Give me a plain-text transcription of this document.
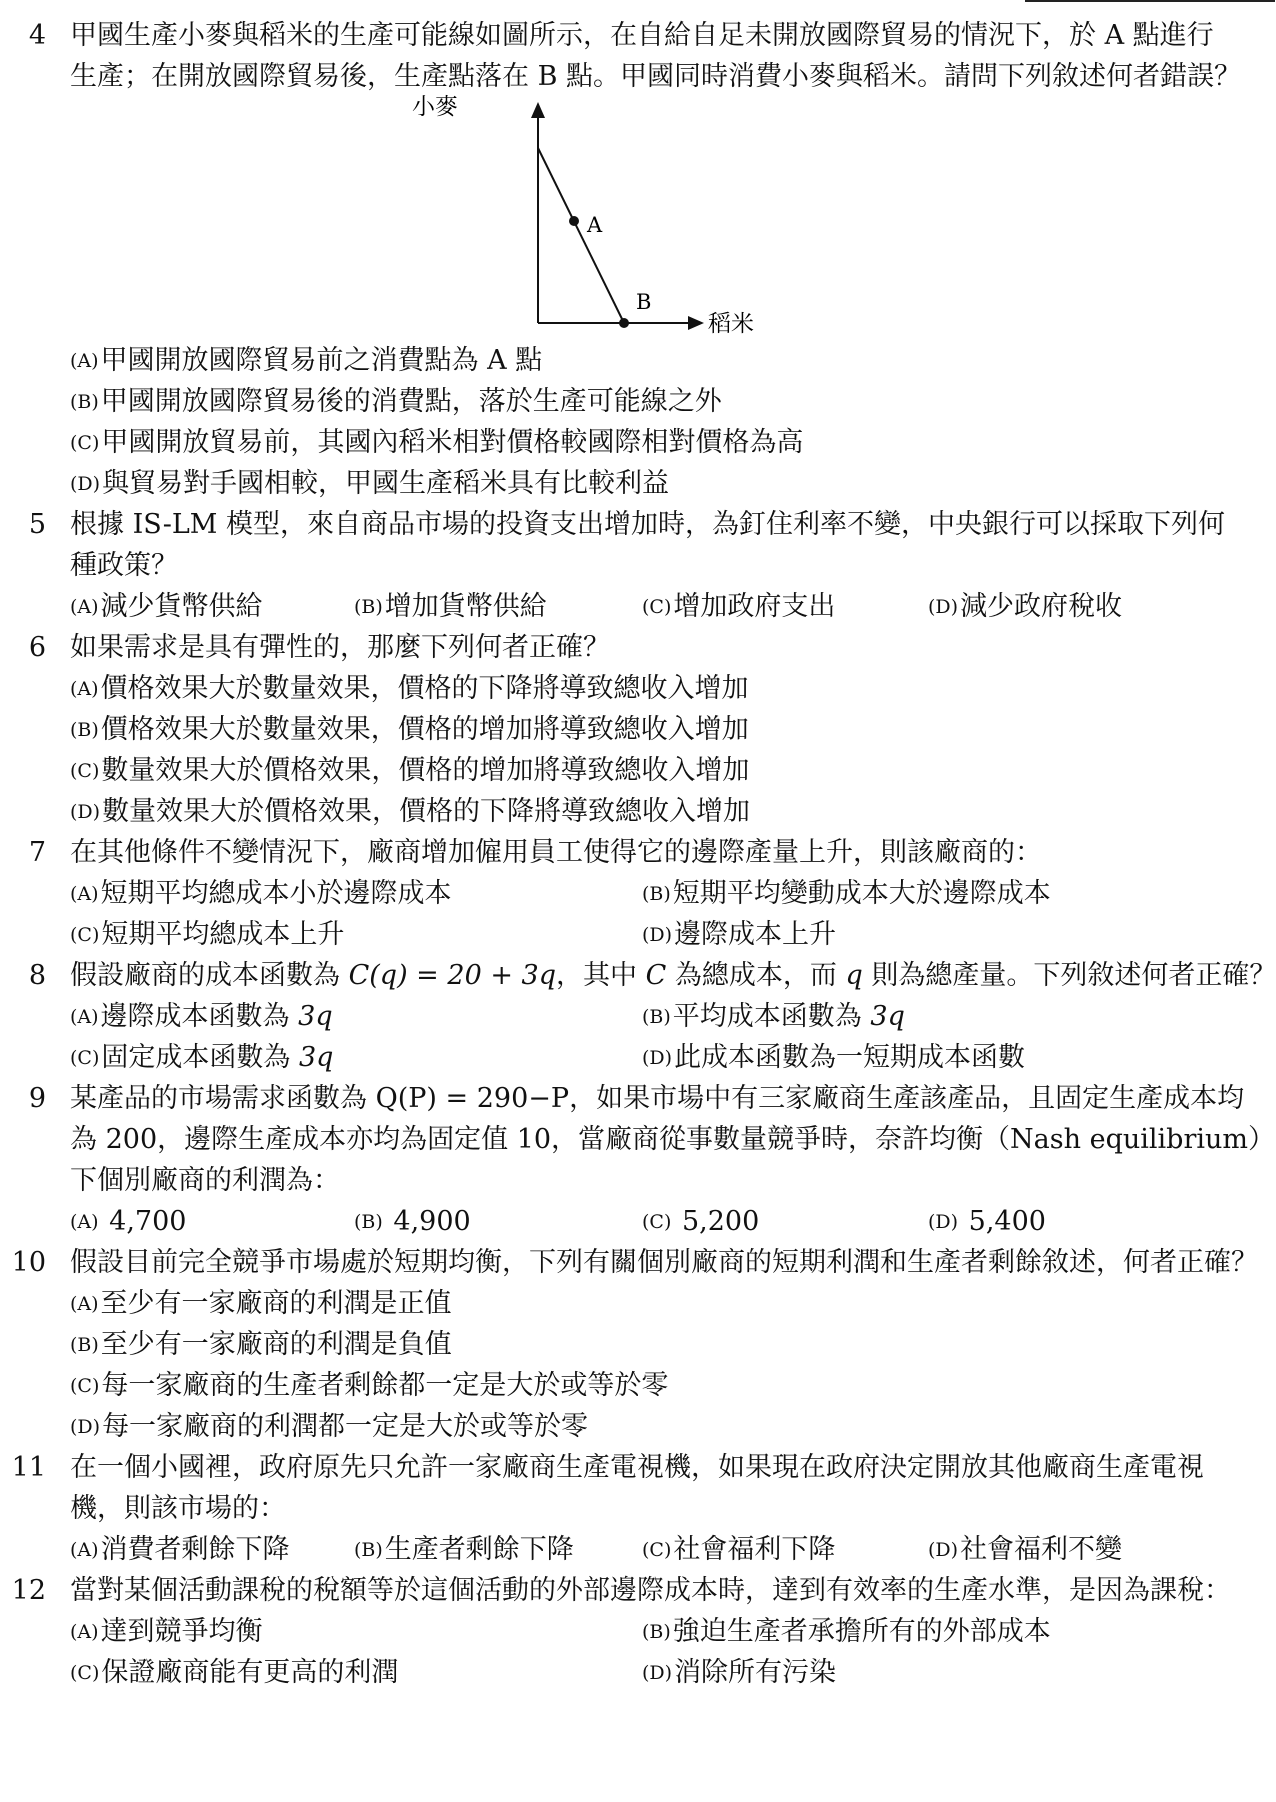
4 甲國生產小麥與稻米的生產可能線如圖所示，在自給自足未開放國際貿易的情況下，於 A 點進行
生產；在開放國際貿易後，生產點落在 B 點。甲國同時消費小麥與稻米。請問下列敘述何者錯誤？
A
B
小麥
稻米
(A)甲國開放國際貿易前之消費點為 A 點
(B)甲國開放國際貿易後的消費點，落於生產可能線之外
(C)甲國開放貿易前，其國內稻米相對價格較國際相對價格為高
(D)與貿易對手國相較，甲國生產稻米具有比較利益
5 根據 IS-LM 模型，來自商品市場的投資支出增加時，為釘住利率不變，中央銀行可以採取下列何
種政策？
(A)減少貨幣供給	(B)增加貨幣供給	(C)增加政府支出	(D)減少政府稅收
6 如果需求是具有彈性的，那麼下列何者正確？
(A)價格效果大於數量效果，價格的下降將導致總收入增加
(B)價格效果大於數量效果，價格的增加將導致總收入增加
(C)數量效果大於價格效果，價格的增加將導致總收入增加
(D)數量效果大於價格效果，價格的下降將導致總收入增加
7 在其他條件不變情況下，廠商增加僱用員工使得它的邊際產量上升，則該廠商的：
(A)短期平均總成本小於邊際成本	(B)短期平均變動成本大於邊際成本
(C)短期平均總成本上升	(D)邊際成本上升
8 假設廠商的成本函數為 C(q) = 20 + 3q，其中 C 為總成本，而 q 則為總產量。下列敘述何者正確？
(A)邊際成本函數為 3q	(B)平均成本函數為 3q
(C)固定成本函數為 3q	(D)此成本函數為一短期成本函數
9 某產品的市場需求函數為 Q(P) = 290−P，如果市場中有三家廠商生產該產品，且固定生產成本均
為 200，邊際生產成本亦均為固定值 10，當廠商從事數量競爭時，奈許均衡（Nash equilibrium）
下個別廠商的利潤為：
(A) 4,700	(B) 4,900	(C) 5,200	(D) 5,400
10 假設目前完全競爭市場處於短期均衡，下列有關個別廠商的短期利潤和生產者剩餘敘述，何者正確？
(A)至少有一家廠商的利潤是正值
(B)至少有一家廠商的利潤是負值
(C)每一家廠商的生產者剩餘都一定是大於或等於零
(D)每一家廠商的利潤都一定是大於或等於零
11 在一個小國裡，政府原先只允許一家廠商生產電視機，如果現在政府決定開放其他廠商生產電視
機，則該市場的：
(A)消費者剩餘下降	(B)生產者剩餘下降	(C)社會福利下降	(D)社會福利不變
12 當對某個活動課稅的稅額等於這個活動的外部邊際成本時，達到有效率的生產水準，是因為課稅：
(A)達到競爭均衡	(B)強迫生產者承擔所有的外部成本
(C)保證廠商能有更高的利潤	(D)消除所有污染
